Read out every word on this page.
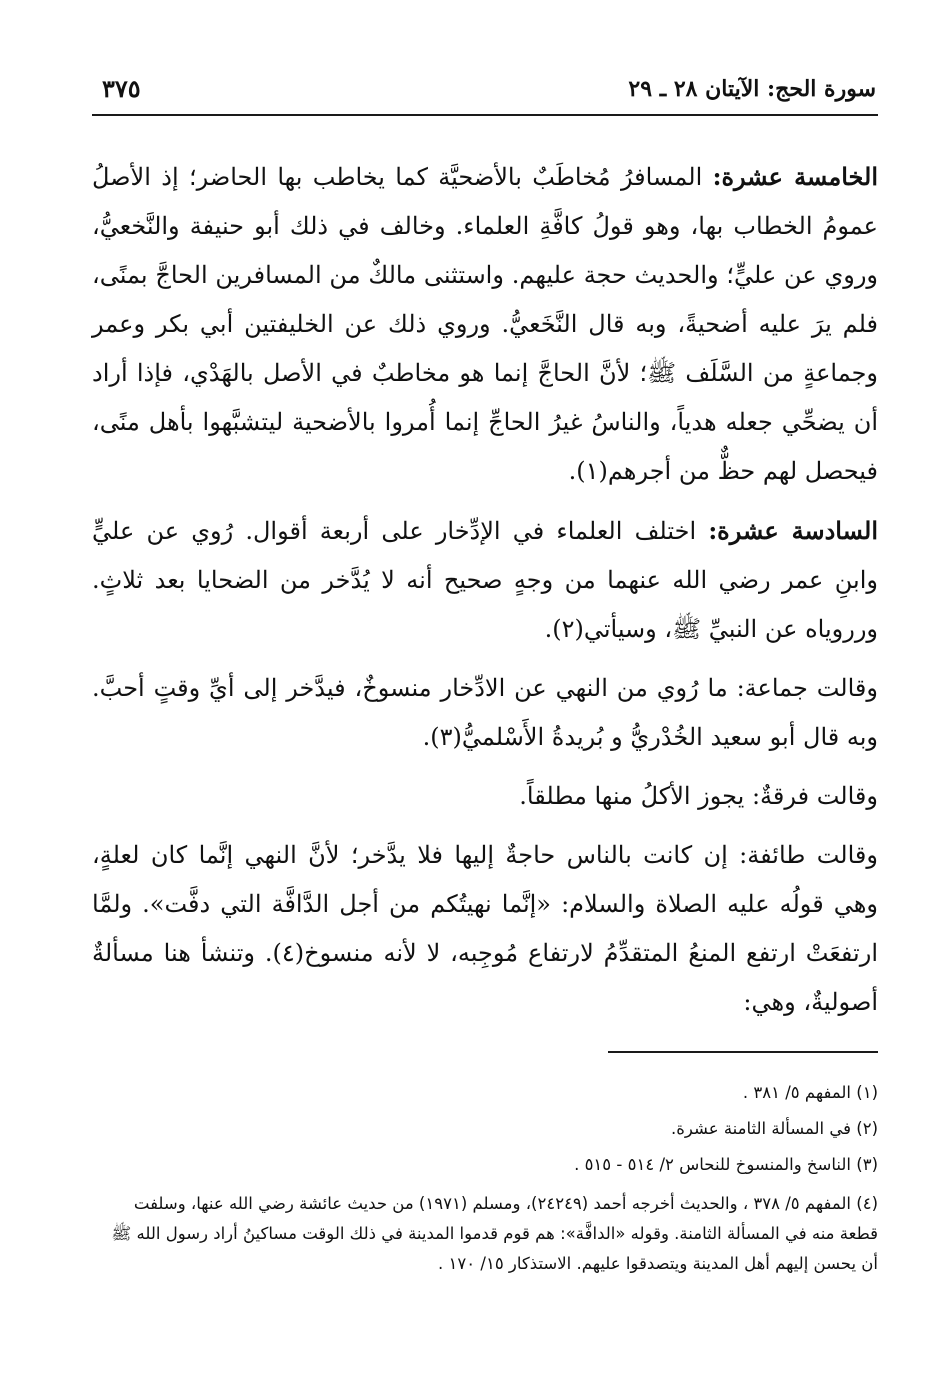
سورة الحج: الآيتان ٢٨ ـ ٢٩
٣٧٥

الخامسة عشرة: المسافرُ مُخاطَبٌ بالأضحيَّة كما يخاطب بها الحاضر؛ إذ الأصلُ عمومُ الخطاب بها، وهو قولُ كافَّةِ العلماء. وخالف في ذلك أبو حنيفة والنَّخعيُّ، وروي عن عليٍّ؛ والحديث حجة عليهم. واستثنى مالكٌ من المسافرين الحاجَّ بمنًى، فلم يرَ عليه أضحيةً، وبه قال النَّخَعيُّ. وروي ذلك عن الخليفتين أبي بكر وعمر وجماعةٍ من السَّلَف ﷺ؛ لأنَّ الحاجَّ إنما هو مخاطبٌ في الأصل بالهَدْي، فإذا أراد أن يضحِّي جعله هدياً، والناسُ غيرُ الحاجِّ إنما أُمروا بالأضحية ليتشبَّهوا بأهل منًى، فيحصل لهم حظٌّ من أجرهم(١).

السادسة عشرة: اختلف العلماء في الإدِّخار على أربعة أقوال. رُوي عن عليٍّ وابنِ عمر رضي الله عنهما من وجهٍ صحيح أنه لا يُدَّخر من الضحايا بعد ثلاثٍ. ورروياه عن النبيِّ ﷺ، وسيأتي(٢).

وقالت جماعة: ما رُوي من النهي عن الادِّخار منسوخٌ، فيدَّخر إلى أيِّ وقتٍ أحبَّ. وبه قال أبو سعيد الخُدْريُّ و بُريدةُ الأَسْلميُّ(٣).

وقالت فرقةٌ: يجوز الأكلُ منها مطلقاً.

وقالت طائفة: إن كانت بالناس حاجةٌ إليها فلا يدَّخر؛ لأنَّ النهي إنَّما كان لعلةٍ، وهي قولُه عليه الصلاة والسلام: «إنَّما نهيتُكم من أجل الدَّافَّة التي دفَّت». ولمَّا ارتفعَتْ ارتفع المنعُ المتقدِّمُ لارتفاع مُوجِبه، لا لأنه منسوخ(٤). وتنشأ هنا مسألةٌ أصوليةٌ، وهي:

(١) المفهم ٥/ ٣٨١ .

(٢) في المسألة الثامنة عشرة.

(٣) الناسخ والمنسوخ للنحاس ٢/ ٥١٤ - ٥١٥ .

(٤) المفهم ٥/ ٣٧٨ ، والحديث أخرجه أحمد (٢٤٢٤٩)، ومسلم (١٩٧١) من حديث عائشة رضي الله عنها، وسلفت قطعة منه في المسألة الثامنة. وقوله «الدافَّة»: هم قوم قدموا المدينة في ذلك الوقت مساكينُ أراد رسول الله ﷺ أن يحسن إليهم أهل المدينة ويتصدقوا عليهم. الاستذكار ١٥/ ١٧٠ .
